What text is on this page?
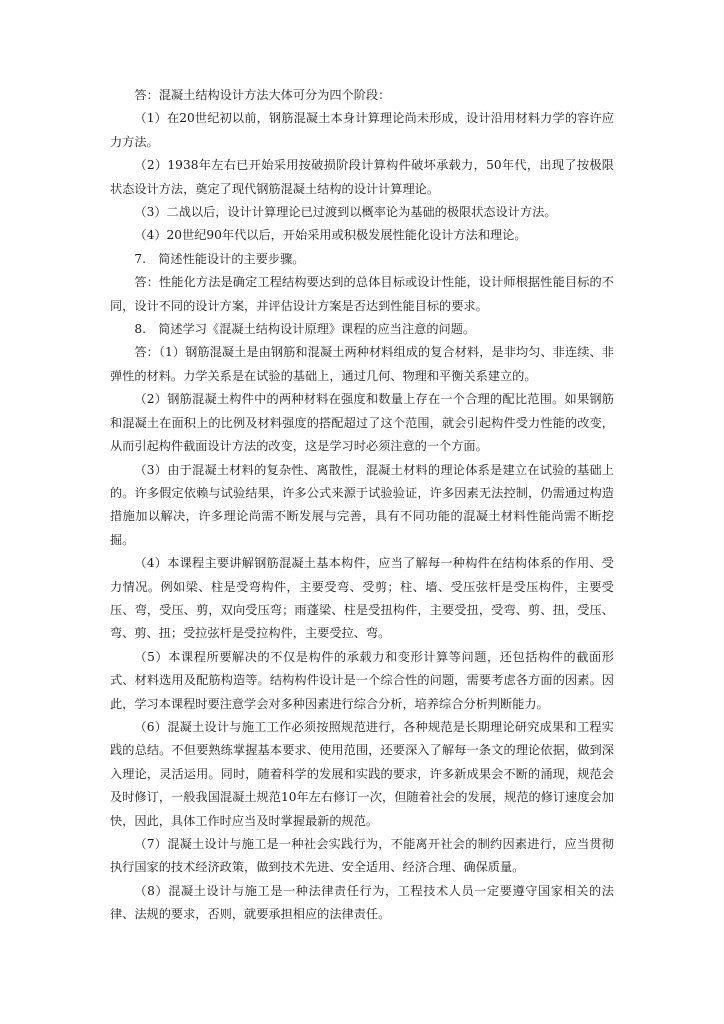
答：混凝土结构设计方法大体可分为四个阶段：

（1）在20世纪初以前，钢筋混凝土本身计算理论尚未形成，设计沿用材料力学的容许应力方法。

（2）1938年左右已开始采用按破损阶段计算构件破坏承载力，50年代，出现了按极限状态设计方法，奠定了现代钢筋混凝土结构的设计计算理论。

（3）二战以后，设计计算理论已过渡到以概率论为基础的极限状态设计方法。

（4）20世纪90年代以后，开始采用或积极发展性能化设计方法和理论。

7.　简述性能设计的主要步骤。

答：性能化方法是确定工程结构要达到的总体目标或设计性能，设计师根据性能目标的不同，设计不同的设计方案，并评估设计方案是否达到性能目标的要求。

8.　简述学习《混凝土结构设计原理》课程的应当注意的问题。

答：（1）钢筋混凝土是由钢筋和混凝土两种材料组成的复合材料，是非均匀、非连续、非弹性的材料。力学关系是在试验的基础上，通过几何、物理和平衡关系建立的。

（2）钢筋混凝土构件中的两种材料在强度和数量上存在一个合理的配比范围。如果钢筋和混凝土在面积上的比例及材料强度的搭配超过了这个范围，就会引起构件受力性能的改变，从而引起构件截面设计方法的改变，这是学习时必须注意的一个方面。

（3）由于混凝土材料的复杂性、离散性，混凝土材料的理论体系是建立在试验的基础上的。许多假定依赖与试验结果，许多公式来源于试验验证，许多因素无法控制，仍需通过构造措施加以解决，许多理论尚需不断发展与完善，具有不同功能的混凝土材料性能尚需不断挖掘。

（4）本课程主要讲解钢筋混凝土基本构件，应当了解每一种构件在结构体系的作用、受力情况。例如梁、柱是受弯构件，主要受弯、受剪；柱、墙、受压弦杆是受压构件，主要受压、弯，受压、剪，双向受压弯；雨蓬梁、柱是受扭构件，主要受扭，受弯、剪、扭，受压、弯、剪、扭；受拉弦杆是受拉构件，主要受拉、弯。

（5）本课程所要解决的不仅是构件的承载力和变形计算等问题，还包括构件的截面形式、材料选用及配筋构造等。结构构件设计是一个综合性的问题，需要考虑各方面的因素。因此，学习本课程时要注意学会对多种因素进行综合分析，培养综合分析判断能力。

（6）混凝土设计与施工工作必须按照规范进行，各种规范是长期理论研究成果和工程实践的总结。不但要熟练掌握基本要求、使用范围，还要深入了解每一条文的理论依据，做到深入理论，灵活运用。同时，随着科学的发展和实践的要求，许多新成果会不断的涌现，规范会及时修订，一般我国混凝土规范10年左右修订一次，但随着社会的发展，规范的修订速度会加快，因此，具体工作时应当及时掌握最新的规范。

（7）混凝土设计与施工是一种社会实践行为，不能离开社会的制约因素进行，应当贯彻执行国家的技术经济政策，做到技术先进、安全适用、经济合理、确保质量。

（8）混凝土设计与施工是一种法律责任行为，工程技术人员一定要遵守国家相关的法律、法规的要求，否则，就要承担相应的法律责任。
